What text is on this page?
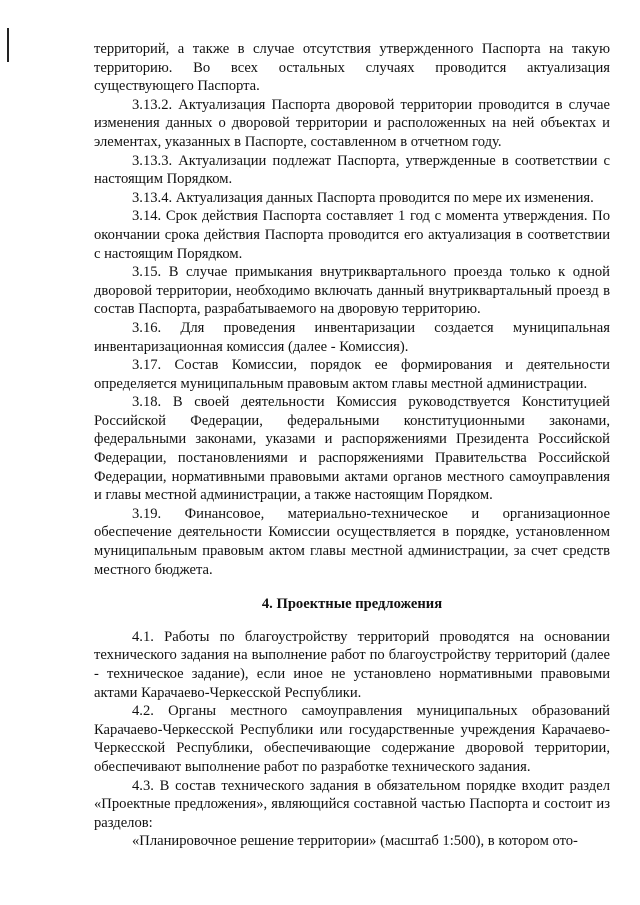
территорий, а также в случае отсутствия утвержденного Паспорта на такую территорию. Во всех остальных случаях проводится актуализация существующего Паспорта.

3.13.2. Актуализация Паспорта дворовой территории проводится в случае изменения данных о дворовой территории и расположенных на ней объектах и элементах, указанных в Паспорте, составленном в отчетном году.

3.13.3. Актуализации подлежат Паспорта, утвержденные в соответствии с настоящим Порядком.

3.13.4. Актуализация данных Паспорта проводится по мере их изменения.

3.14. Срок действия Паспорта составляет 1 год с момента утверждения. По окончании срока действия Паспорта проводится его актуализация в соответствии с настоящим Порядком.

3.15. В случае примыкания внутриквартального проезда только к одной дворовой территории, необходимо включать данный внутриквартальный проезд в состав Паспорта, разрабатываемого на дворовую территорию.

3.16. Для проведения инвентаризации создается муниципальная инвентаризационная комиссия (далее - Комиссия).

3.17. Состав Комиссии, порядок ее формирования и деятельности определяется муниципальным правовым актом главы местной администрации.

3.18. В своей деятельности Комиссия руководствуется Конституцией Российской Федерации, федеральными конституционными законами, федеральными законами, указами и распоряжениями Президента Российской Федерации, постановлениями и распоряжениями Правительства Российской Федерации, нормативными правовыми актами органов местного самоуправления и главы местной администрации, а также настоящим Порядком.

3.19. Финансовое, материально-техническое и организационное обеспечение деятельности Комиссии осуществляется в порядке, установленном муниципальным правовым актом главы местной администрации, за счет средств местного бюджета.

4. Проектные предложения

4.1. Работы по благоустройству территорий проводятся на основании технического задания на выполнение работ по благоустройству территорий (далее - техническое задание), если иное не установлено нормативными правовыми актами Карачаево-Черкесской Республики.

4.2. Органы местного самоуправления муниципальных образований Карачаево-Черкесской Республики или государственные учреждения Карачаево-Черкесской Республики, обеспечивающие содержание дворовой территории, обеспечивают выполнение работ по разработке технического задания.

4.3. В состав технического задания в обязательном порядке входит раздел «Проектные предложения», являющийся составной частью Паспорта и состоит из разделов:

«Планировочное решение территории» (масштаб 1:500), в котором ото-
